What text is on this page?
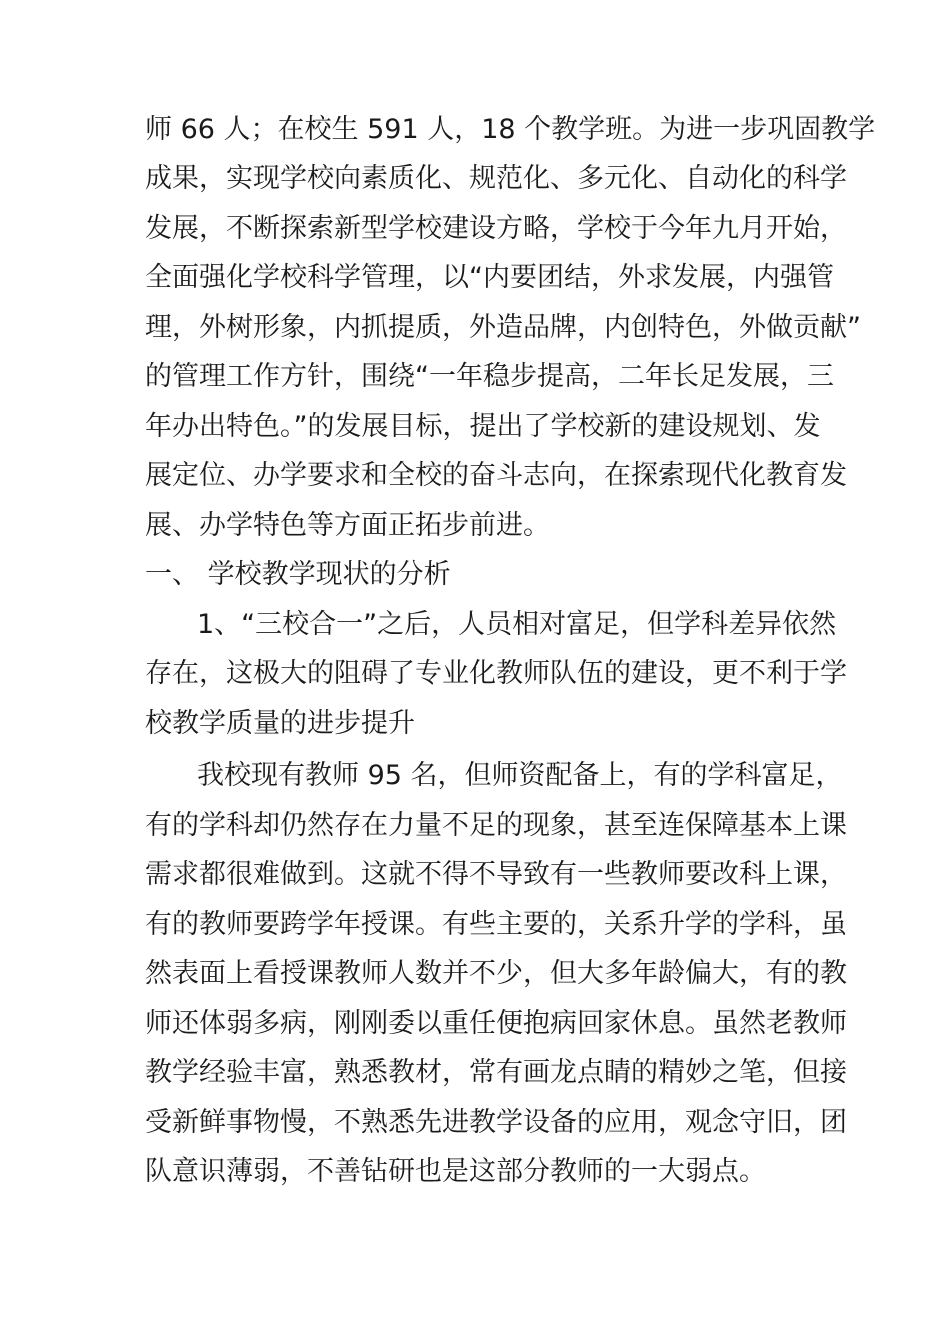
师 66 人；在校生 591 人，18 个教学班。为进一步巩固教学
成果，实现学校向素质化、规范化、多元化、自动化的科学
发展，不断探索新型学校建设方略，学校于今年九月开始，
全面强化学校科学管理，以“内要团结，外求发展，内强管
理，外树形象，内抓提质，外造品牌，内创特色，外做贡献”
的管理工作方针，围绕“一年稳步提高，二年长足发展，三
年办出特色。”的发展目标，提出了学校新的建设规划、发
展定位、办学要求和全校的奋斗志向，在探索现代化教育发
展、办学特色等方面正拓步前进。
一、 学校教学现状的分析
1、“三校合一”之后，人员相对富足，但学科差异依然
存在，这极大的阻碍了专业化教师队伍的建设，更不利于学
校教学质量的进步提升
我校现有教师 95 名，但师资配备上，有的学科富足，
有的学科却仍然存在力量不足的现象，甚至连保障基本上课
需求都很难做到。这就不得不导致有一些教师要改科上课，
有的教师要跨学年授课。有些主要的，关系升学的学科，虽
然表面上看授课教师人数并不少，但大多年龄偏大，有的教
师还体弱多病，刚刚委以重任便抱病回家休息。虽然老教师
教学经验丰富，熟悉教材，常有画龙点睛的精妙之笔，但接
受新鲜事物慢，不熟悉先进教学设备的应用，观念守旧，团
队意识薄弱，不善钻研也是这部分教师的一大弱点。
